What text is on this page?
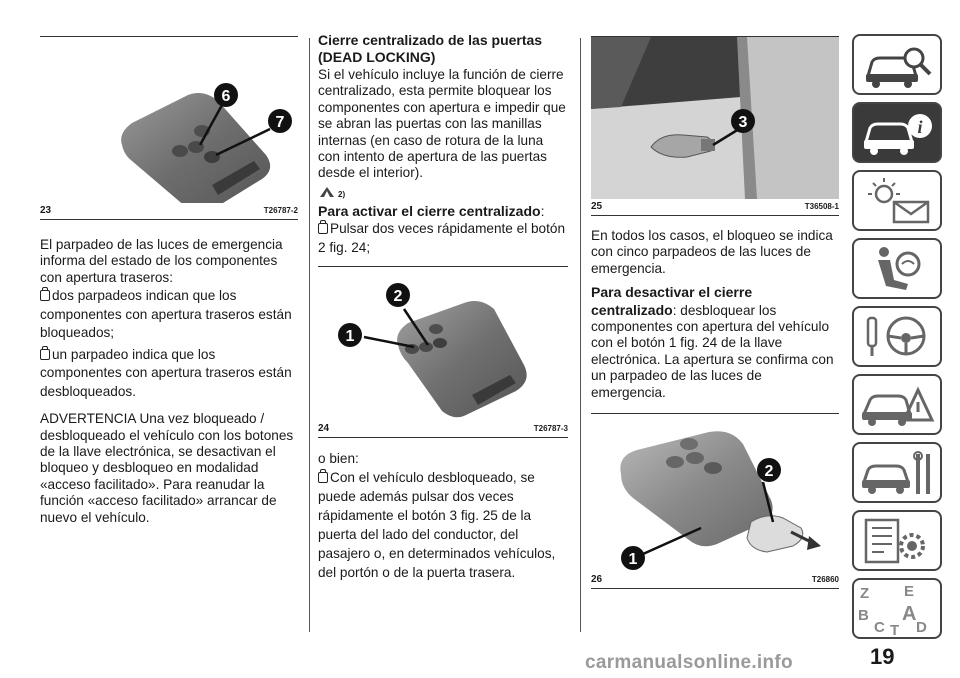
6
7
23	T26787-2

El parpadeo de las luces de emergencia informa del estado de los componentes con apertura traseros:

dos parpadeos indican que los componentes con apertura traseros están bloqueados;
un parpadeo indica que los componentes con apertura traseros están desbloqueados.

ADVERTENCIA Una vez bloqueado / desbloqueado el vehículo con los botones de la llave electrónica, se desactivan el bloqueo y desbloqueo en modalidad «acceso facilitado». Para reanudar la función «acceso facilitado» arrancar de nuevo el vehículo.

Cierre centralizado de las puertas (DEAD LOCKING)

Si el vehículo incluye la función de cierre centralizado, esta permite bloquear los componentes con apertura e impedir que se abran las puertas con las manillas internas (en caso de rotura de la luna con intento de apertura de las puertas desde el interior).

2)
Para activar el cierre centralizado:
Pulsar dos veces rápidamente el botón 2 fig. 24;
2
1
24	T26787-3

o bien:

Con el vehículo desbloqueado, se puede además pulsar dos veces rápidamente el botón 3 fig. 25 de la puerta del lado del conductor, del pasajero o, en determinados vehículos, del portón o de la puerta trasera.
3
25	T36508-1

En todos los casos, el bloqueo se indica con cinco parpadeos de las luces de emergencia.

Para desactivar el cierre centralizado: desbloquear los componentes con apertura del vehículo con el botón 1 fig. 24 de la llave electrónica. La apertura se confirma con un parpadeo de las luces de emergencia.

2
1
26	T26860
i
Z E
B A
C D
T
carmanualsonline.info	19
